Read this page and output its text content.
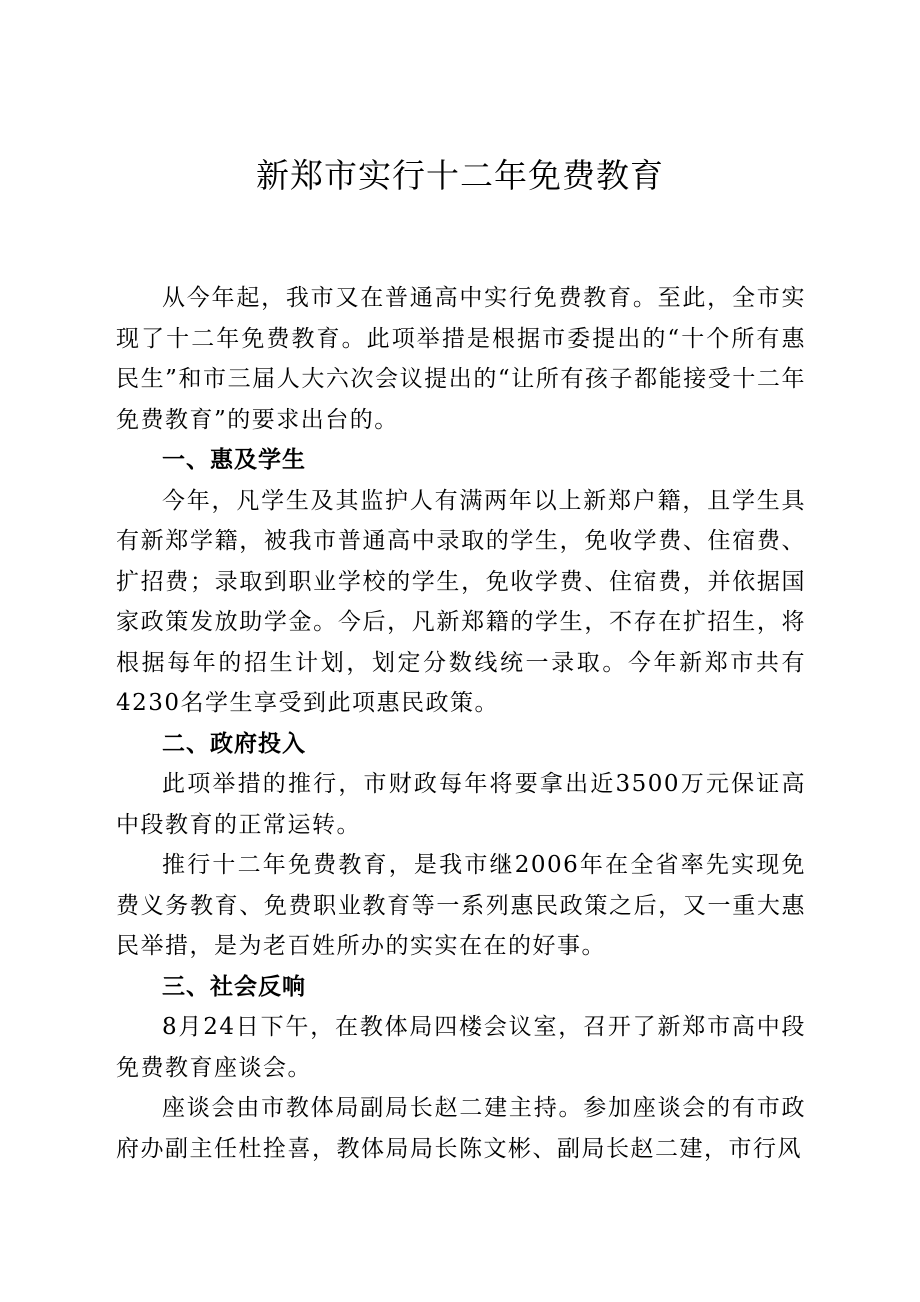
新郑市实行十二年免费教育

从今年起，我市又在普通高中实行免费教育。至此，全市实现了十二年免费教育。此项举措是根据市委提出的“十个所有惠民生”和市三届人大六次会议提出的“让所有孩子都能接受十二年免费教育”的要求出台的。

一、惠及学生

今年，凡学生及其监护人有满两年以上新郑户籍，且学生具有新郑学籍，被我市普通高中录取的学生，免收学费、住宿费、扩招费；录取到职业学校的学生，免收学费、住宿费，并依据国家政策发放助学金。今后，凡新郑籍的学生，不存在扩招生，将根据每年的招生计划，划定分数线统一录取。今年新郑市共有4230名学生享受到此项惠民政策。

二、政府投入

此项举措的推行，市财政每年将要拿出近3500万元保证高中段教育的正常运转。

推行十二年免费教育，是我市继2006年在全省率先实现免费义务教育、免费职业教育等一系列惠民政策之后，又一重大惠民举措，是为老百姓所办的实实在在的好事。

三、社会反响

8月24日下午，在教体局四楼会议室，召开了新郑市高中段免费教育座谈会。

座谈会由市教体局副局长赵二建主持。参加座谈会的有市政府办副主任杜拴喜，教体局局长陈文彬、副局长赵二建，市行风
